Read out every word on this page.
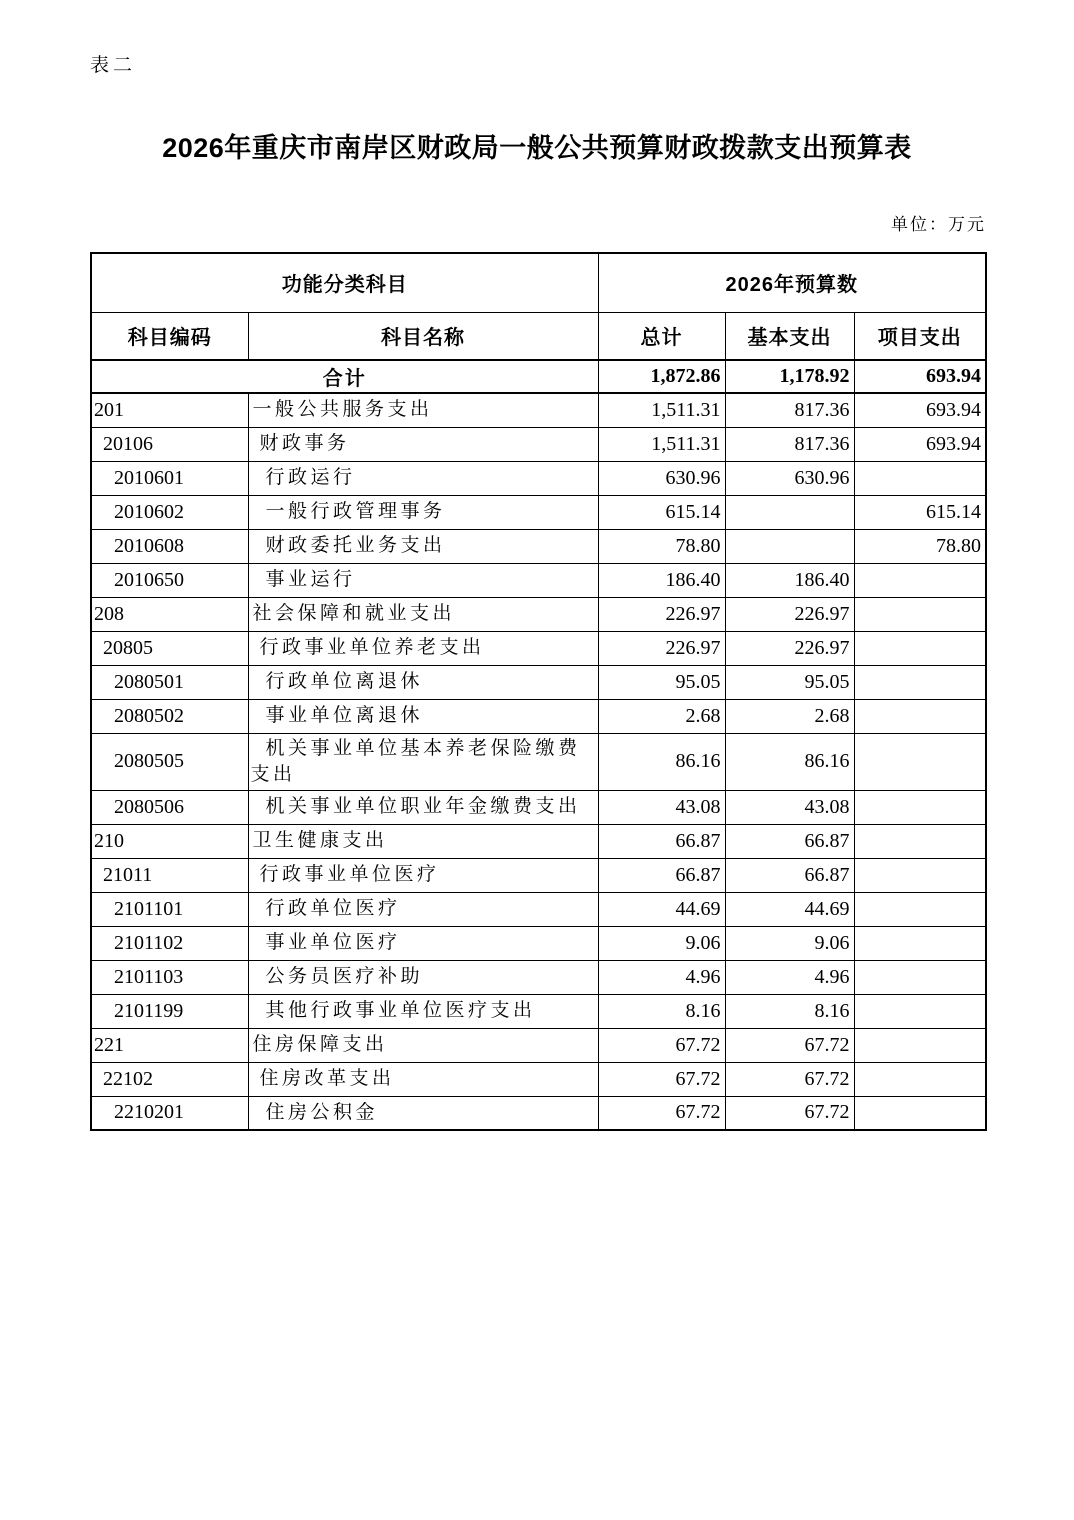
表二
2026年重庆市南岸区财政局一般公共预算财政拨款支出预算表
单位：万元
功能分类科目		2026年预算数		
科目编码	科目名称	总计	基本支出	项目支出
合计		1,872.86	1,178.92	693.94
201	一般公共服务支出	1,511.31	817.36	693.94
20106	财政事务	1,511.31	817.36	693.94
2010601	行政运行	630.96	630.96	
2010602	一般行政管理事务	615.14		615.14
2010608	财政委托业务支出	78.80		78.80
2010650	事业运行	186.40	186.40	
208	社会保障和就业支出	226.97	226.97	
20805	行政事业单位养老支出	226.97	226.97	
2080501	行政单位离退休	95.05	95.05	
2080502	事业单位离退休	2.68	2.68	
2080505	机关事业单位基本养老保险缴费支出	86.16	86.16	
2080506	机关事业单位职业年金缴费支出	43.08	43.08	
210	卫生健康支出	66.87	66.87	
21011	行政事业单位医疗	66.87	66.87	
2101101	行政单位医疗	44.69	44.69	
2101102	事业单位医疗	9.06	9.06	
2101103	公务员医疗补助	4.96	4.96	
2101199	其他行政事业单位医疗支出	8.16	8.16	
221	住房保障支出	67.72	67.72	
22102	住房改革支出	67.72	67.72	
2210201	住房公积金	67.72	67.72	
